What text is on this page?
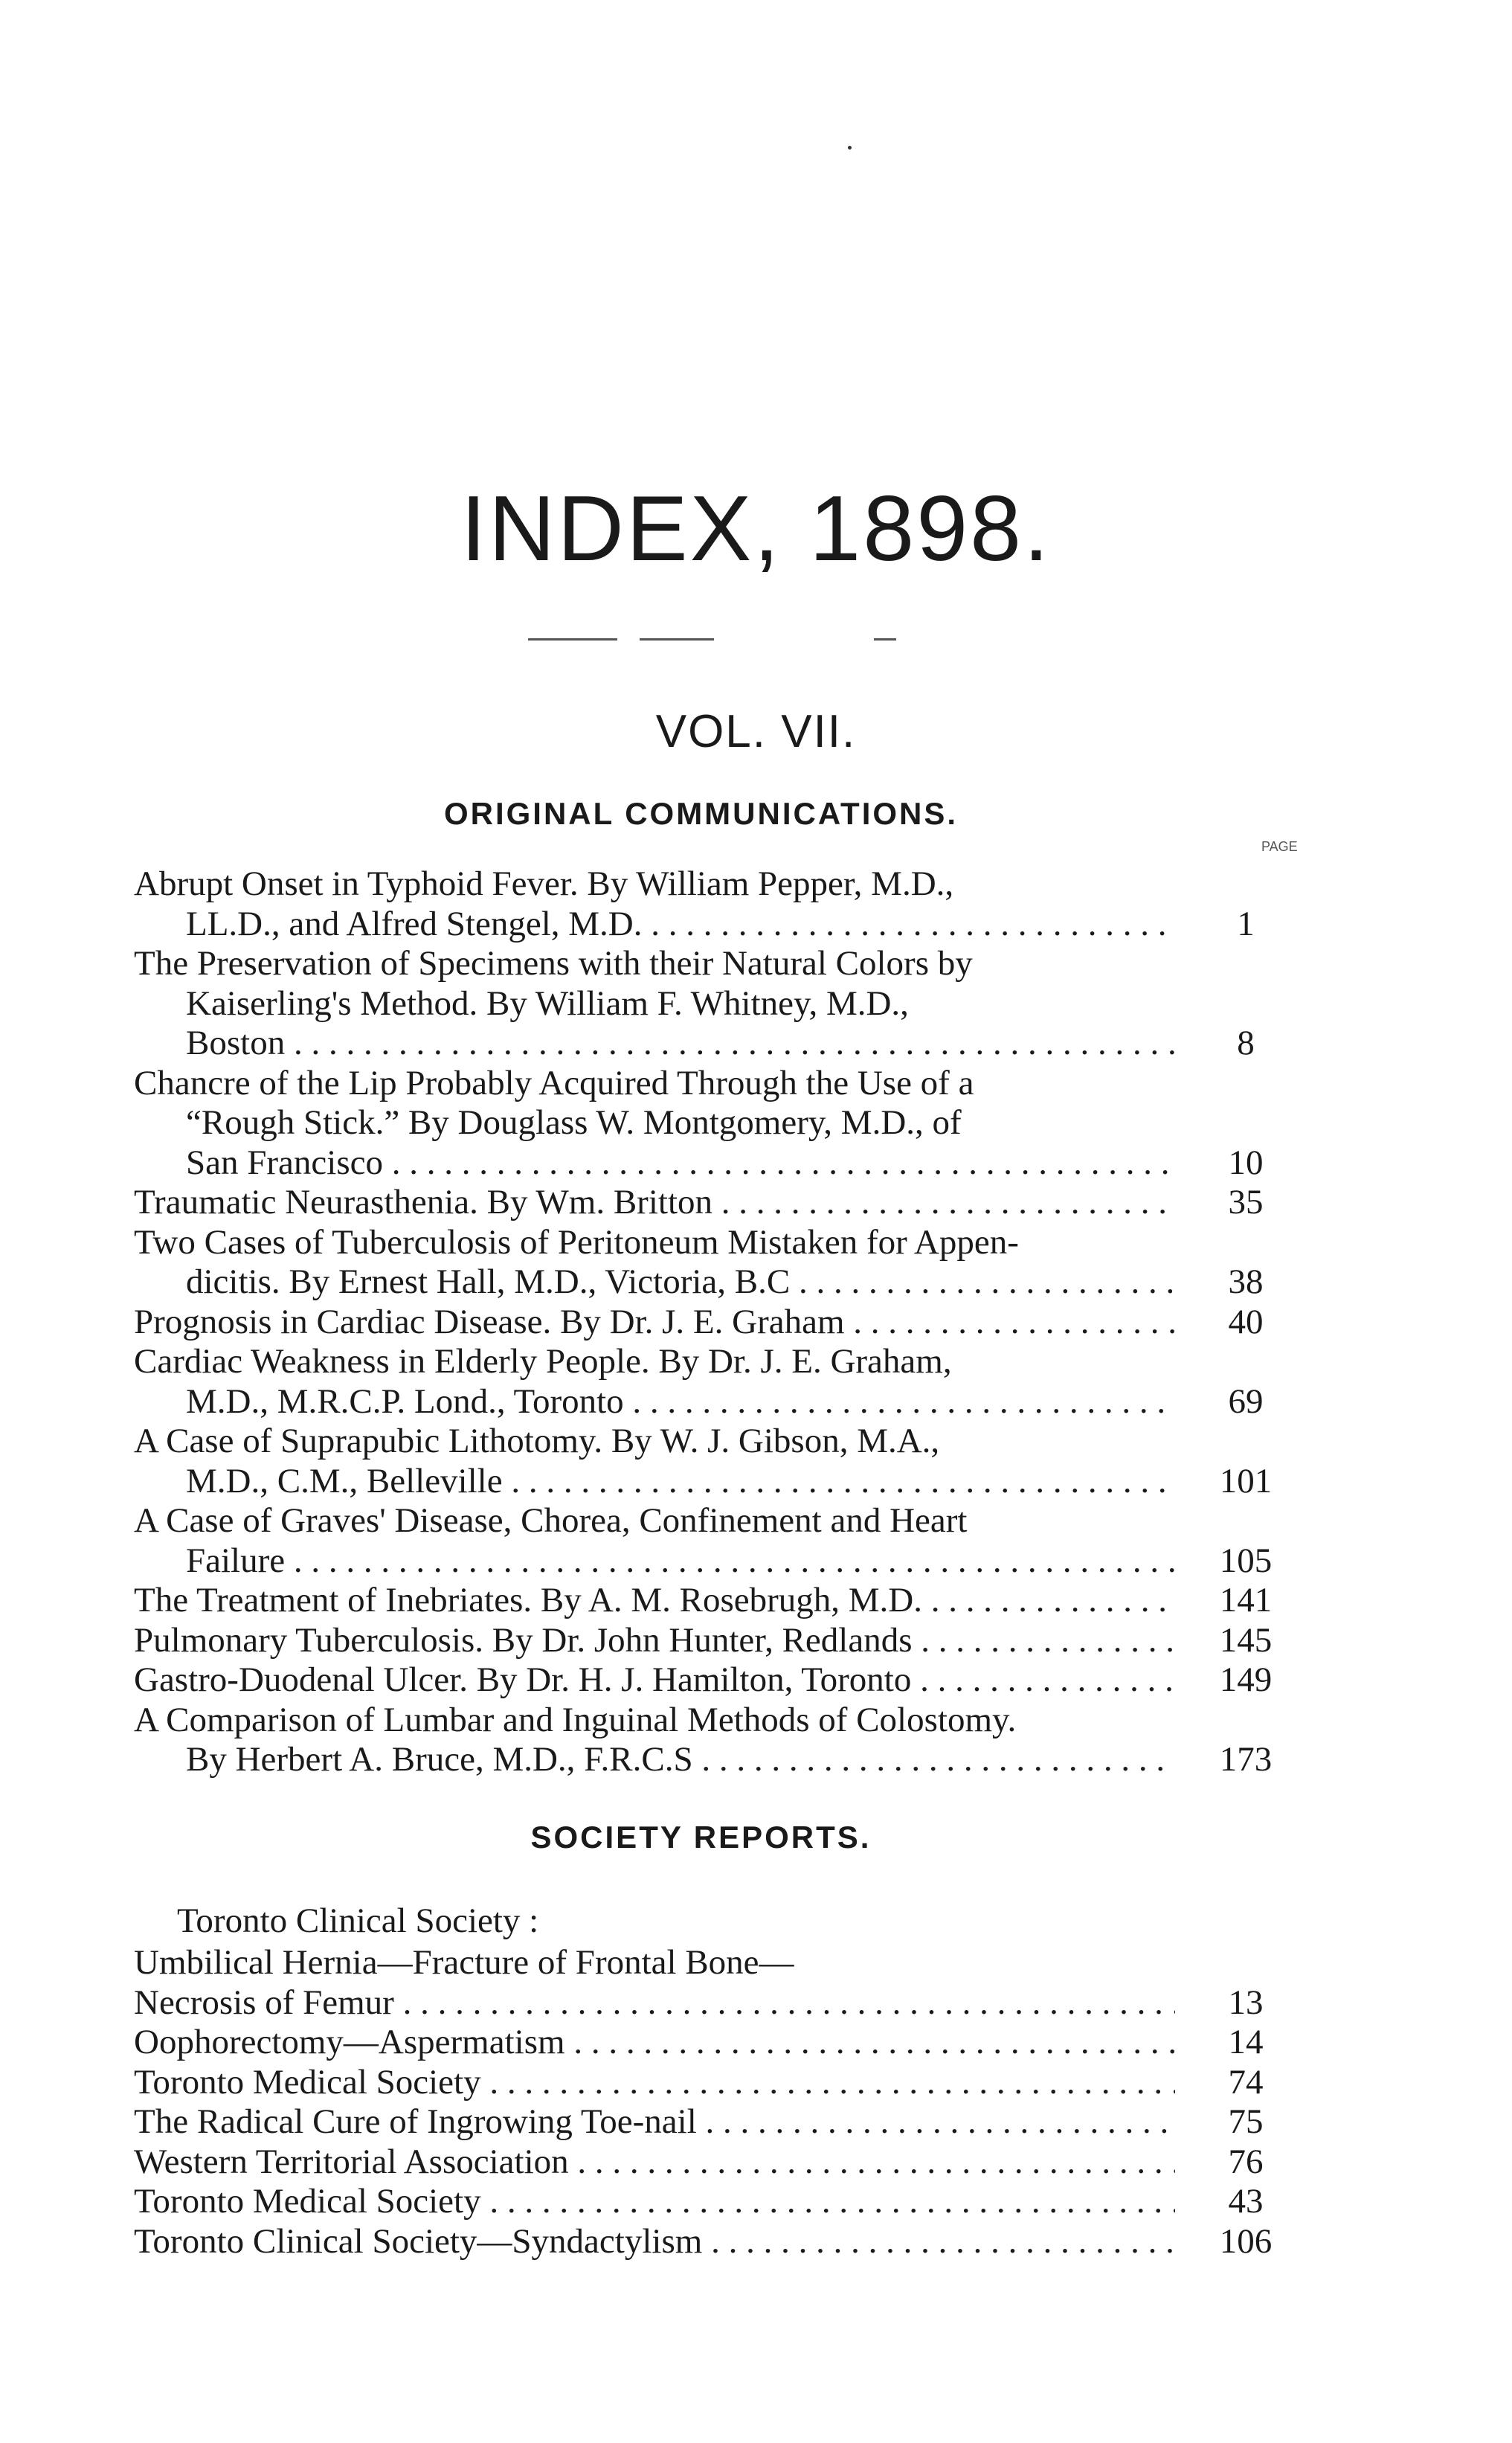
INDEX, 1898.
VOL. VII.
ORIGINAL COMMUNICATIONS.
PAGE
Abrupt Onset in Typhoid Fever. By William Pepper, M.D.,
LL.D., and Alfred Stengel, M.D. . . .	1
The Preservation of Specimens with their Natural Colors by
Kaiserling's Method. By William F. Whitney, M.D.,
Boston . . .	8
Chancre of the Lip Probably Acquired Through the Use of a
“Rough Stick.” By Douglass W. Montgomery, M.D., of
San Francisco . . .	10
Traumatic Neurasthenia. By Wm. Britton . . .	35
Two Cases of Tuberculosis of Peritoneum Mistaken for Appen-
dicitis. By Ernest Hall, M.D., Victoria, B.C . . .	38
Prognosis in Cardiac Disease. By Dr. J. E. Graham . . .	40
Cardiac Weakness in Elderly People. By Dr. J. E. Graham,
M.D., M.R.C.P. Lond., Toronto . . .	69
A Case of Suprapubic Lithotomy. By W. J. Gibson, M.A.,
M.D., C.M., Belleville . . .	101
A Case of Graves' Disease, Chorea, Confinement and Heart
Failure . . .	105
The Treatment of Inebriates. By A. M. Rosebrugh, M.D. . . .	141
Pulmonary Tuberculosis. By Dr. John Hunter, Redlands . . .	145
Gastro-Duodenal Ulcer. By Dr. H. J. Hamilton, Toronto . . .	149
A Comparison of Lumbar and Inguinal Methods of Colostomy.
By Herbert A. Bruce, M.D., F.R.C.S . . .	173
SOCIETY REPORTS.
Toronto Clinical Society :
Umbilical Hernia—Fracture of Frontal Bone—
Necrosis of Femur . . .	13
Oophorectomy—Aspermatism . . .	14
Toronto Medical Society . . .	74
The Radical Cure of Ingrowing Toe-nail . . .	75
Western Territorial Association . . .	76
Toronto Medical Society . . .	43
Toronto Clinical Society—Syndactylism . . .	106
